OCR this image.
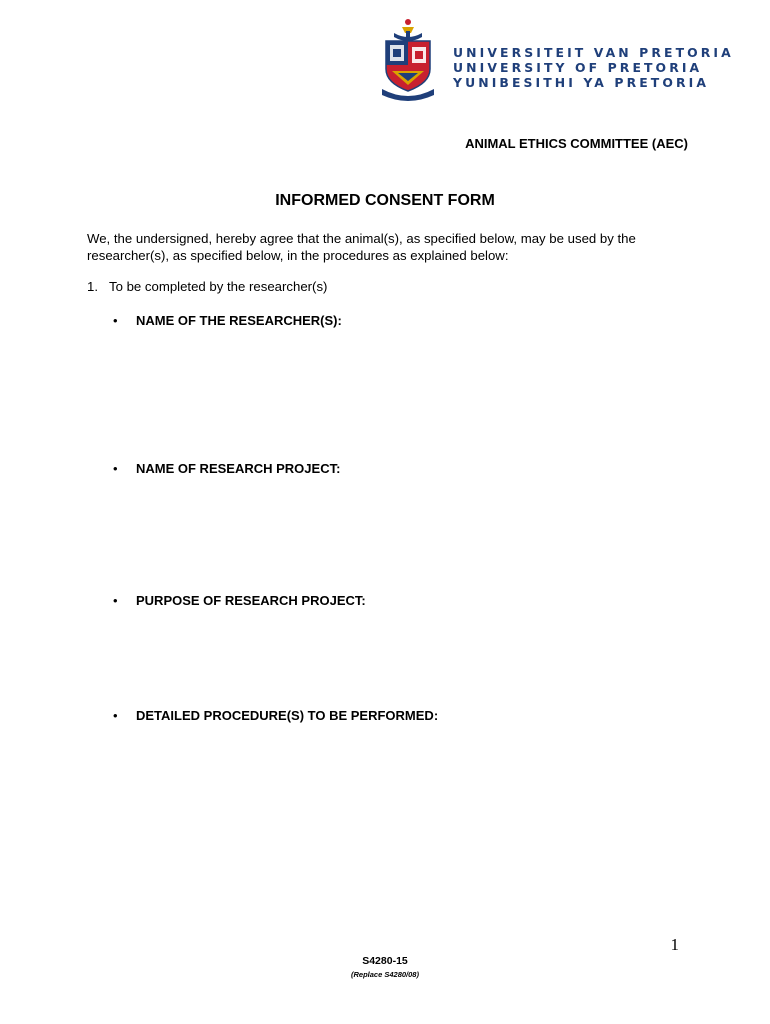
UNIVERSITEIT VAN PRETORIA
UNIVERSITY OF PRETORIA
YUNIBESITHI YA PRETORIA
ANIMAL ETHICS COMMITTEE (AEC)
INFORMED CONSENT FORM
We, the undersigned, hereby agree that the animal(s), as specified below, may be used by the researcher(s), as specified below, in the procedures as explained below:
1. To be completed by the researcher(s)
• NAME OF THE RESEARCHER(S):
• NAME OF RESEARCH PROJECT:
• PURPOSE OF RESEARCH PROJECT:
• DETAILED PROCEDURE(S) TO BE PERFORMED:
1
S4280-15
(Replace S4280/08)
